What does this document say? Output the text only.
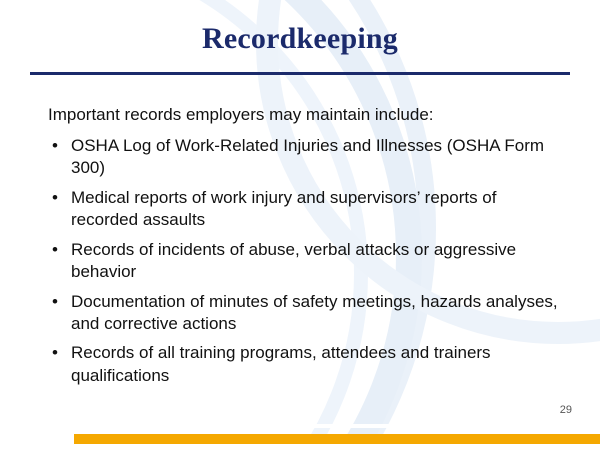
Recordkeeping
Important records employers may maintain include:
• OSHA Log of Work-Related Injuries and Illnesses (OSHA Form 300)
• Medical reports of work injury and supervisors’ reports of recorded assaults
• Records of incidents of abuse, verbal attacks or aggressive behavior
• Documentation of minutes of safety meetings, hazards analyses, and corrective actions
• Records of all training programs, attendees and trainers qualifications
29
